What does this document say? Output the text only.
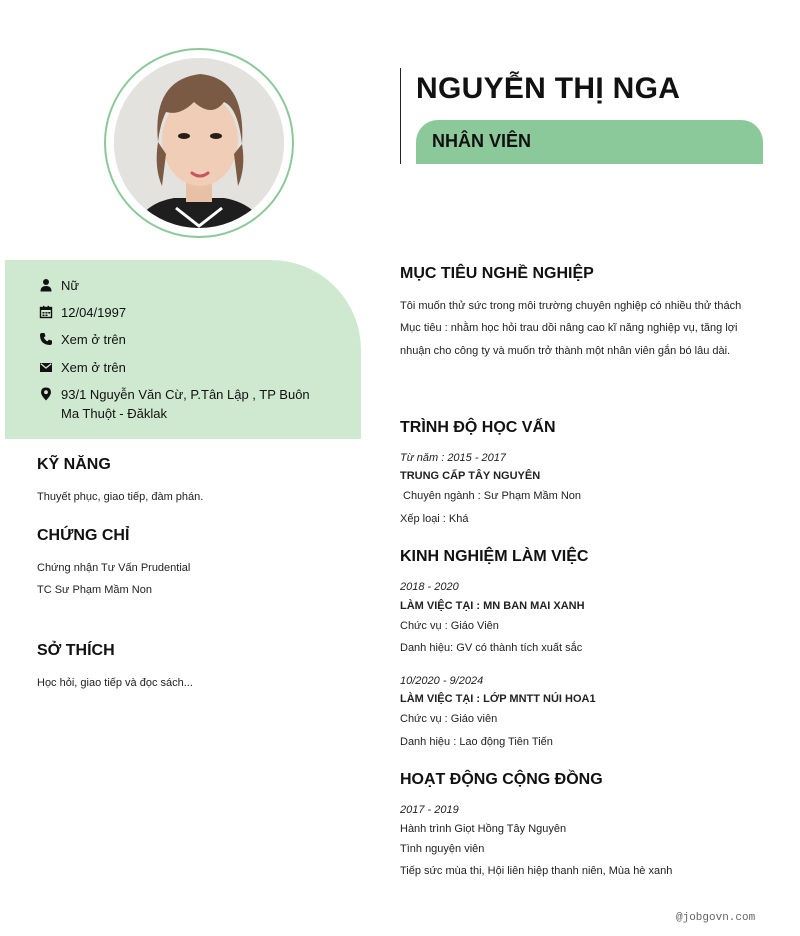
NGUYỄN THỊ NGA
NHÂN VIÊN
Nữ
12/04/1997
Xem ở trên
Xem ở trên
93/1 Nguyễn Văn Cừ, P.Tân Lập , TP Buôn Ma Thuột - Đăklak
KỸ NĂNG
Thuyết phục, giao tiếp, đàm phán.
CHỨNG CHỈ
Chứng nhận Tư Vấn Prudential
TC Sư Phạm Mầm Non
SỞ THÍCH
Học hỏi, giao tiếp và đọc sách...
MỤC TIÊU NGHỀ NGHIỆP
Tôi muốn thử sức trong môi trường chuyên nghiệp có nhiều thử thách
Mục tiêu : nhằm học hỏi trau dồi nâng cao kĩ năng nghiệp vụ, tăng lợi
nhuận cho công ty và muốn trở thành một nhân viên gắn bó lâu dài.
TRÌNH ĐỘ HỌC VẤN
Từ năm : 2015 - 2017
TRUNG CẤP TÂY NGUYÊN
Chuyên ngành : Sư Phạm Mầm Non
Xếp loại : Khá
KINH NGHIỆM LÀM VIỆC
2018 - 2020
LÀM VIỆC TẠI : MN BAN MAI XANH
Chức vụ : Giáo Viên
Danh hiệu: GV có thành tích xuất sắc
10/2020 - 9/2024
LÀM VIỆC TẠI : LỚP MNTT NÚI HOA1
Chức vụ : Giáo viên
Danh hiệu : Lao động Tiên Tiến
HOẠT ĐỘNG CỘNG ĐỒNG
2017 - 2019
Hành trình Giọt Hồng Tây Nguyên
Tình nguyện viên
Tiếp sức mùa thi, Hội liên hiệp thanh niên, Mùa hè xanh
@jobgovn.com
